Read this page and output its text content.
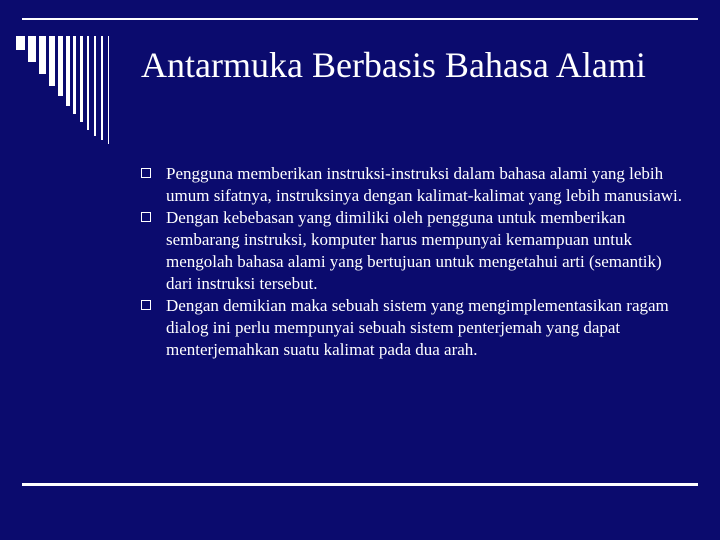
Antarmuka Berbasis Bahasa Alami
Pengguna memberikan instruksi-instruksi dalam bahasa alami yang lebih umum sifatnya, instruksinya dengan kalimat-kalimat yang lebih manusiawi.
Dengan kebebasan yang dimiliki oleh pengguna untuk memberikan sembarang instruksi, komputer harus mempunyai kemampuan untuk mengolah bahasa alami yang bertujuan untuk mengetahui arti (semantik) dari instruksi tersebut.
Dengan demikian maka sebuah sistem yang mengimplementasikan ragam dialog ini perlu mempunyai sebuah sistem penterjemah yang dapat menterjemahkan suatu kalimat pada dua arah.
